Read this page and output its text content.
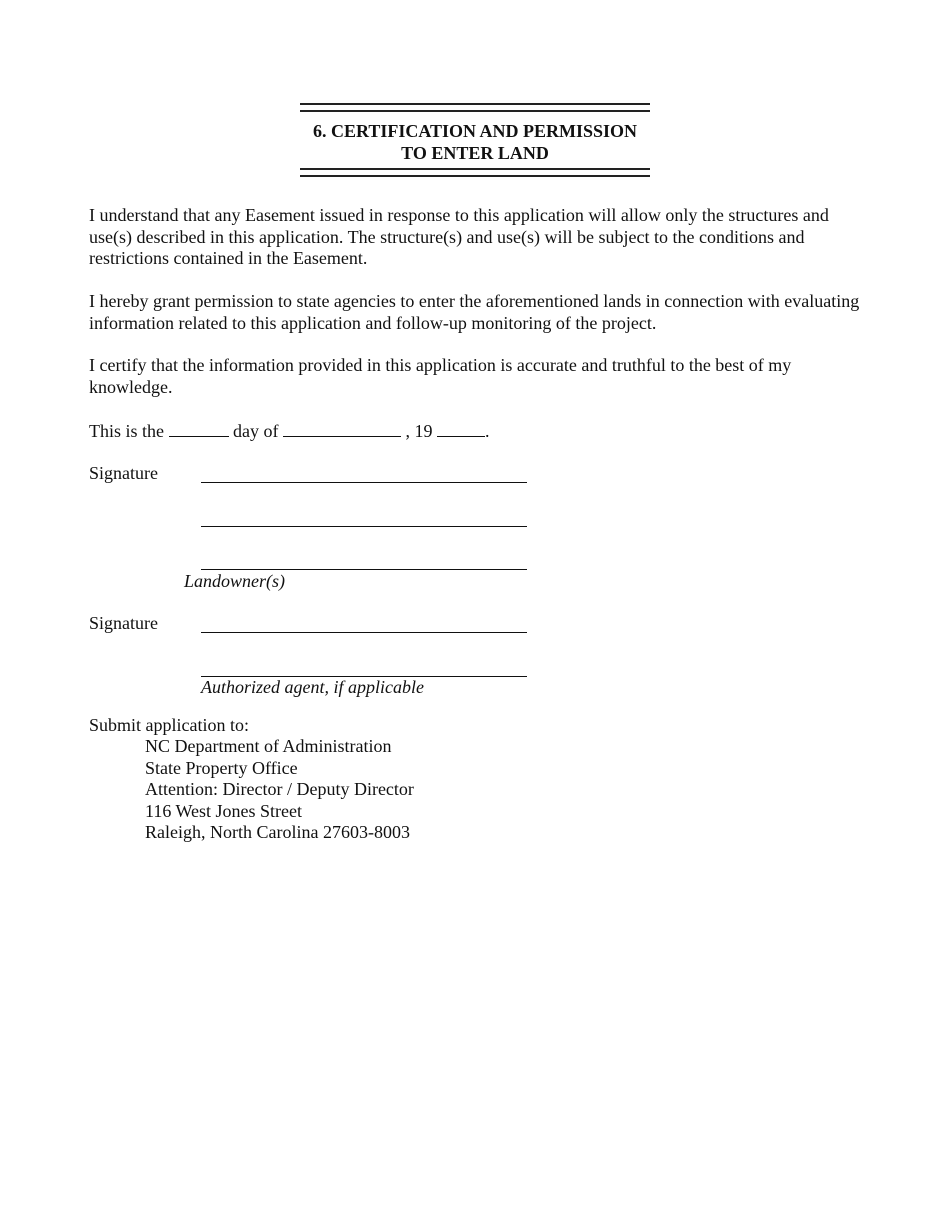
6. CERTIFICATION AND PERMISSION
TO ENTER LAND
I understand that any Easement issued in response to this application will allow only the structures and use(s) described in this application. The structure(s) and use(s) will be subject to the conditions and restrictions contained in the Easement.
I hereby grant permission to state agencies to enter the aforementioned lands in connection with evaluating information related to this application and follow-up monitoring of the project.
I certify that the information provided in this application is accurate and truthful to the best of my knowledge.
This is the	day of	, 19	.
Signature
Landowner(s)
Signature
Authorized agent, if applicable
Submit application to:
NC Department of Administration
State Property Office
Attention: Director / Deputy Director
116 West Jones Street
Raleigh, North Carolina 27603-8003
